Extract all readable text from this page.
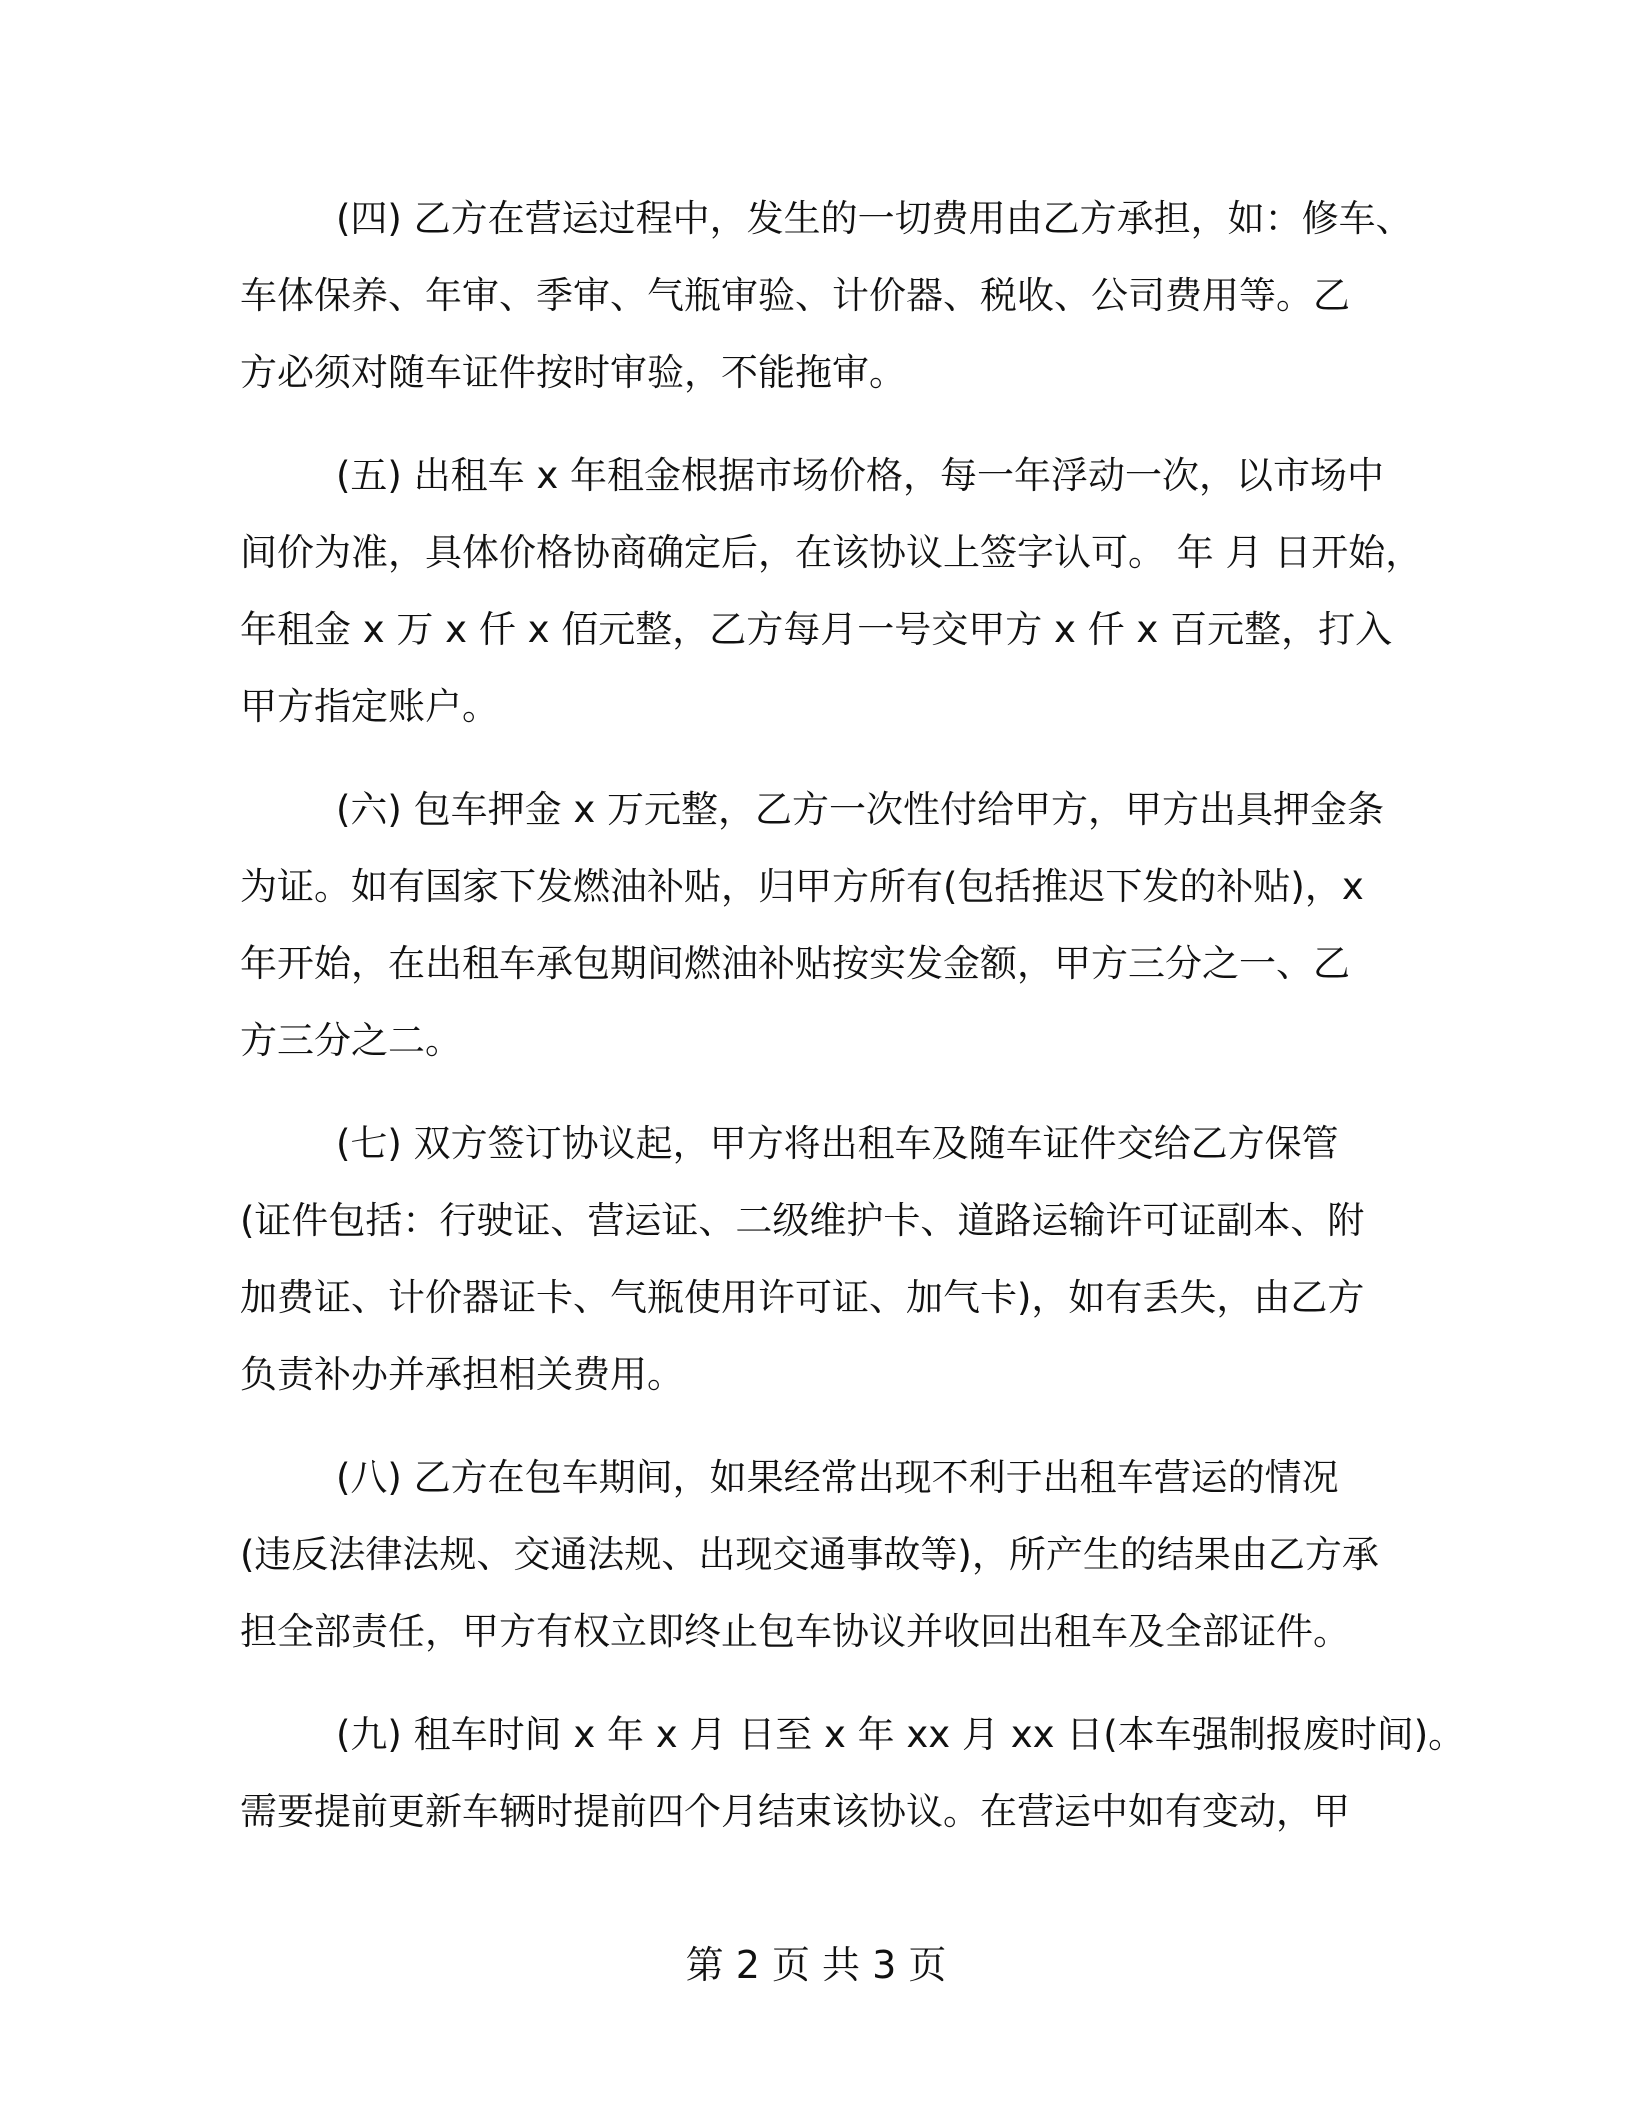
(四) 乙方在营运过程中，发生的一切费用由乙方承担，如：修车、
车体保养、年审、季审、气瓶审验、计价器、税收、公司费用等。乙
方必须对随车证件按时审验，不能拖审。
(五) 出租车 x 年租金根据市场价格，每一年浮动一次，以市场中
间价为准，具体价格协商确定后，在该协议上签字认可。 年 月 日开始，
年租金 x 万 x 仟 x 佰元整，乙方每月一号交甲方 x 仟 x 百元整，打入
甲方指定账户。
(六) 包车押金 x 万元整，乙方一次性付给甲方，甲方出具押金条
为证。如有国家下发燃油补贴，归甲方所有(包括推迟下发的补贴)，x
年开始，在出租车承包期间燃油补贴按实发金额，甲方三分之一、乙
方三分之二。
(七) 双方签订协议起，甲方将出租车及随车证件交给乙方保管
(证件包括：行驶证、营运证、二级维护卡、道路运输许可证副本、附
加费证、计价器证卡、气瓶使用许可证、加气卡)，如有丢失，由乙方
负责补办并承担相关费用。
(八) 乙方在包车期间，如果经常出现不利于出租车营运的情况
(违反法律法规、交通法规、出现交通事故等)，所产生的结果由乙方承
担全部责任，甲方有权立即终止包车协议并收回出租车及全部证件。
(九) 租车时间 x 年 x 月 日至 x 年 xx 月 xx 日(本车强制报废时间)。
需要提前更新车辆时提前四个月结束该协议。在营运中如有变动，甲
第 2 页 共 3 页
